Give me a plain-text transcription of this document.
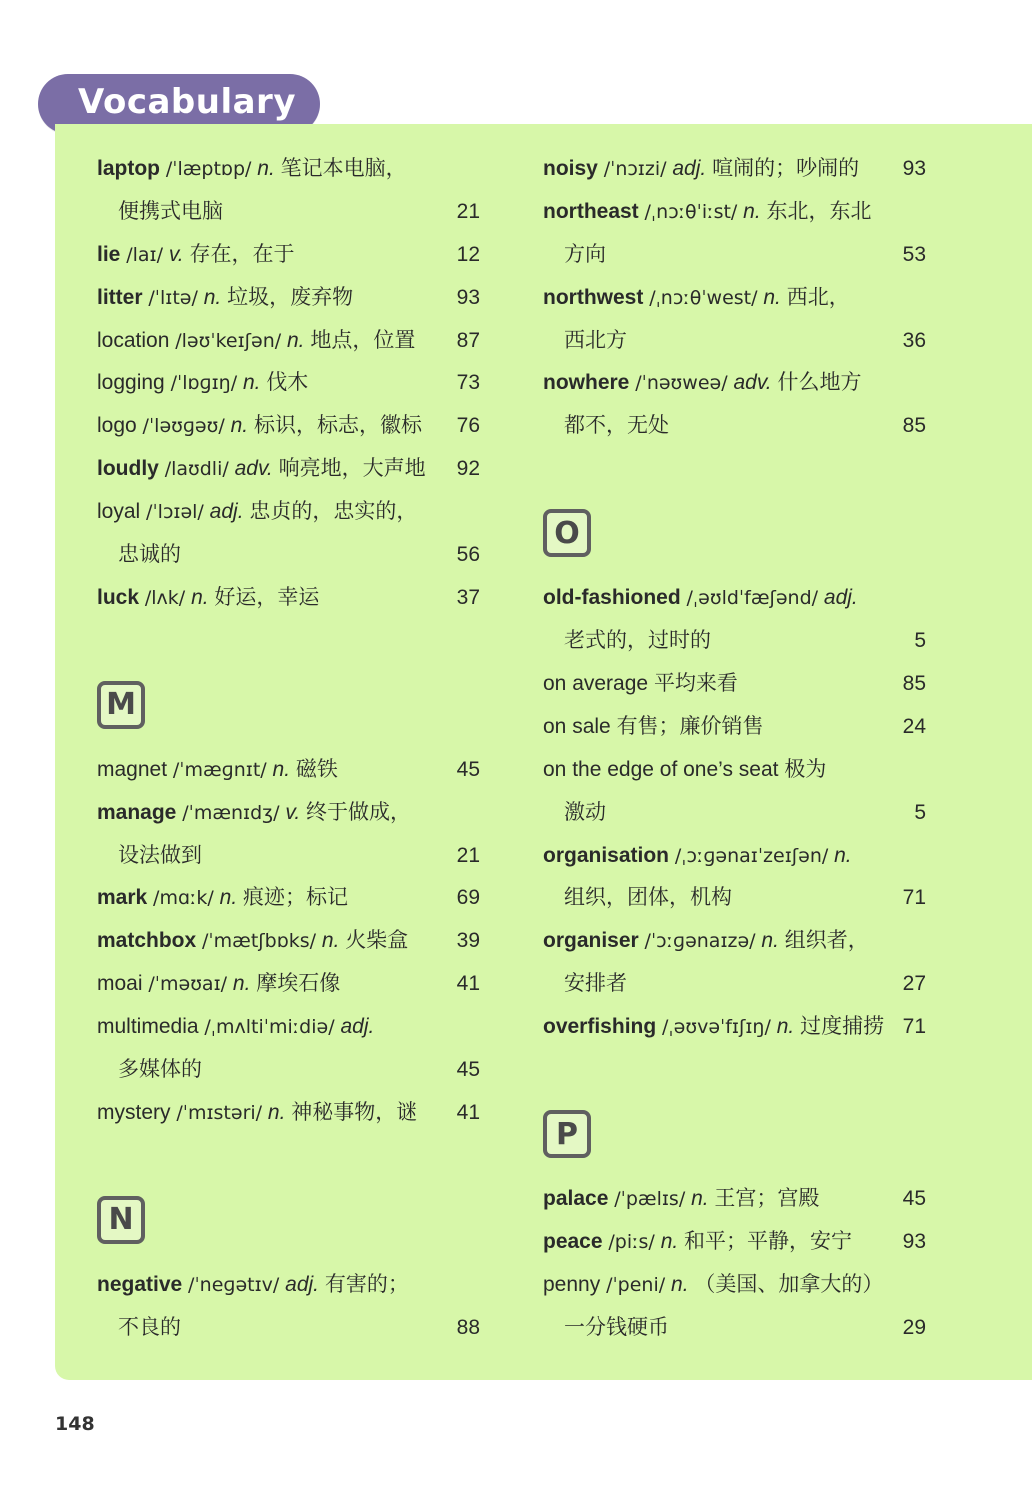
Vocabulary
laptop /ˈlæptɒp/ n. 笔记本电脑，
便携式电脑	21
lie /laɪ/ v. 存在，在于	12
litter /ˈlɪtə/ n. 垃圾，废弃物	93
location /ləʊˈkeɪʃən/ n. 地点，位置 87
logging /ˈlɒɡɪŋ/ n. 伐木	73
logo /ˈləʊɡəʊ/ n. 标识，标志，徽标 76
loudly /laʊdli/ adv. 响亮地，大声地 92
loyal /ˈlɔɪəl/ adj. 忠贞的，忠实的，
忠诚的	56
luck /lʌk/ n. 好运，幸运	37
M
magnet /ˈmæɡnɪt/ n. 磁铁	45
manage /ˈmænɪdʒ/ v. 终于做成，
设法做到	21
mark /mɑːk/ n. 痕迹；标记	69
matchbox /ˈmætʃbɒks/ n. 火柴盒 39
moai /ˈməʊaɪ/ n. 摩埃石像	41
multimedia /ˌmʌltiˈmiːdiə/ adj.
多媒体的	45
mystery /ˈmɪstəri/ n. 神秘事物，谜 41
N
negative /ˈneɡətɪv/ adj. 有害的；
不良的	88
noisy /ˈnɔɪzi/ adj. 喧闹的；吵闹的 93
northeast /ˌnɔːθˈiːst/ n. 东北，东北
方向	53
northwest /ˌnɔːθˈwest/ n. 西北，
西北方	36
nowhere /ˈnəʊweə/ adv. 什么地方
都不，无处	85
O
old-fashioned /ˌəʊldˈfæʃənd/ adj.
老式的，过时的	5
on average 平均来看	85
on sale 有售；廉价销售	24
on the edge of one’s seat 极为
激动	5
organisation /ˌɔːɡənaɪˈzeɪʃən/ n.
组织，团体，机构	71
organiser /ˈɔːɡənaɪzə/ n. 组织者，
安排者	27
overfishing /ˌəʊvəˈfɪʃɪŋ/ n. 过度捕捞 71
P
palace /ˈpælɪs/ n. 王宫；宫殿	45
peace /piːs/ n. 和平；平静，安宁 93
penny /ˈpeni/ n. （美国、加拿大的）
一分钱硬币	29
148
